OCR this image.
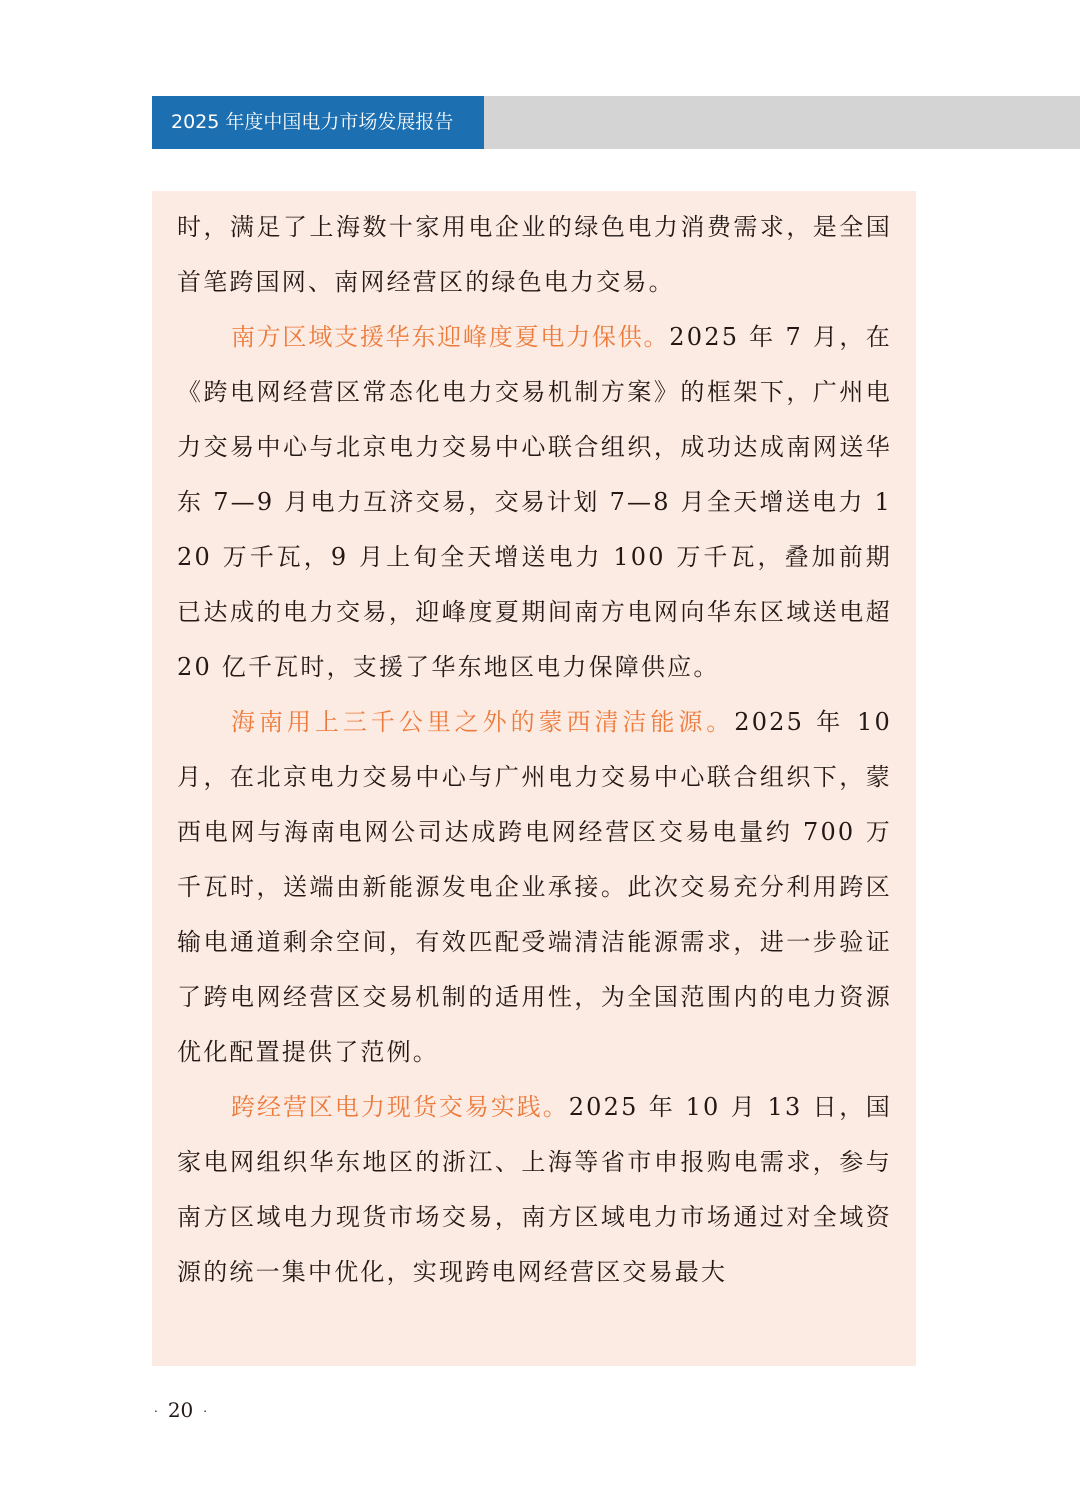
2025 年度中国电力市场发展报告

时，满足了上海数十家用电企业的绿色电力消费需求，是全国首笔跨国网、南网经营区的绿色电力交易。

南方区域支援华东迎峰度夏电力保供。2025 年 7 月，在《跨电网经营区常态化电力交易机制方案》的框架下，广州电力交易中心与北京电力交易中心联合组织，成功达成南网送华东 7—9 月电力互济交易，交易计划 7—8 月全天增送电力 120 万千瓦，9 月上旬全天增送电力 100 万千瓦，叠加前期已达成的电力交易，迎峰度夏期间南方电网向华东区域送电超 20 亿千瓦时，支援了华东地区电力保障供应。

海南用上三千公里之外的蒙西清洁能源。2025 年 10 月，在北京电力交易中心与广州电力交易中心联合组织下，蒙西电网与海南电网公司达成跨电网经营区交易电量约 700 万千瓦时，送端由新能源发电企业承接。此次交易充分利用跨区输电通道剩余空间，有效匹配受端清洁能源需求，进一步验证了跨电网经营区交易机制的适用性，为全国范围内的电力资源优化配置提供了范例。

跨经营区电力现货交易实践。2025 年 10 月 13 日，国家电网组织华东地区的浙江、上海等省市申报购电需求，参与南方区域电力现货市场交易，南方区域电力市场通过对全域资源的统一集中优化，实现跨电网经营区交易最大

· 20 ·
